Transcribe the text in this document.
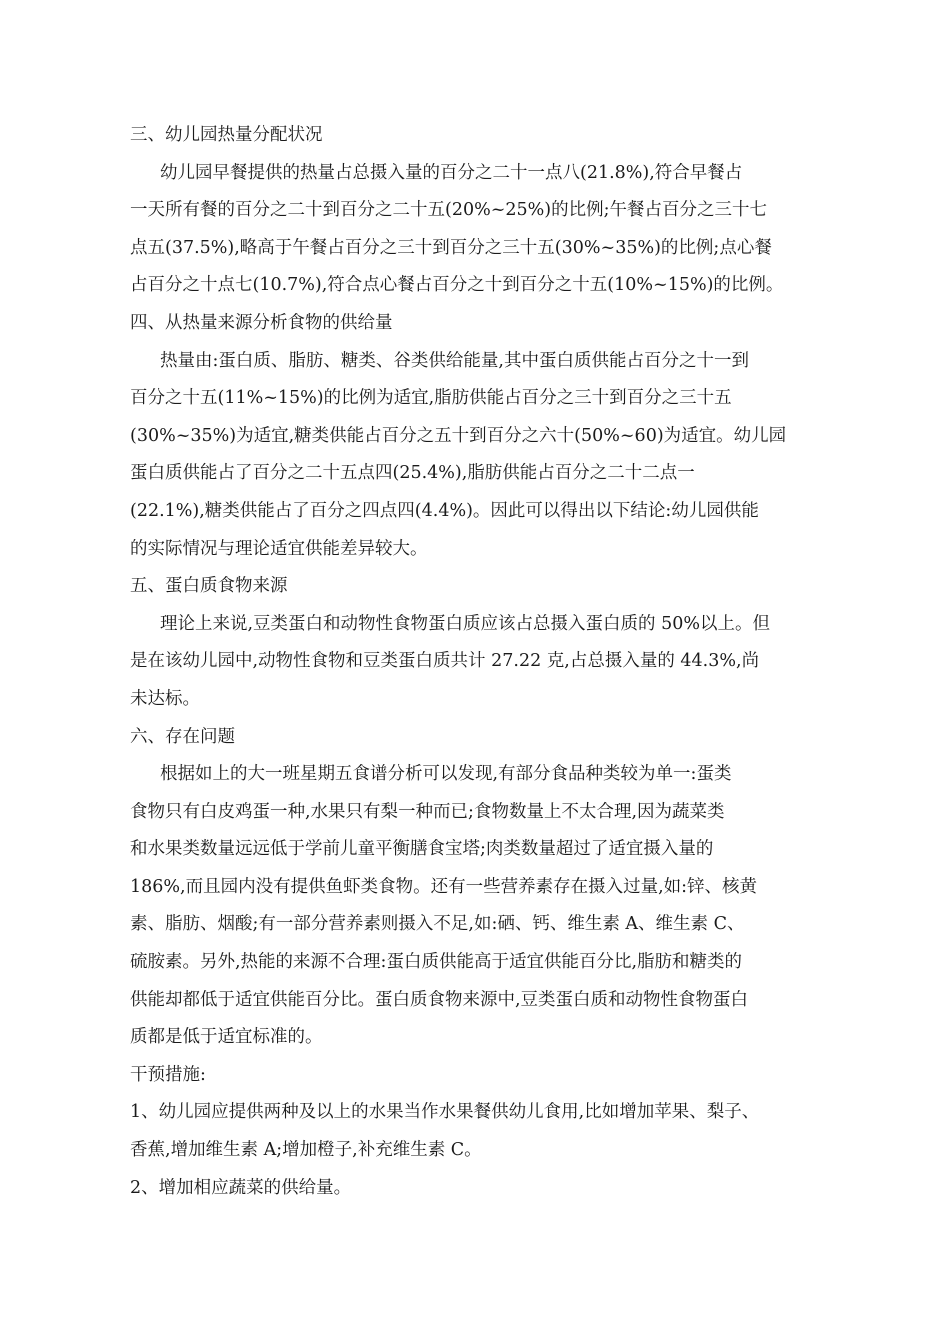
三、幼儿园热量分配状况
幼儿园早餐提供的热量占总摄入量的百分之二十一点八(21.8%),符合早餐占
一天所有餐的百分之二十到百分之二十五(20%~25%)的比例;午餐占百分之三十七
点五(37.5%),略高于午餐占百分之三十到百分之三十五(30%~35%)的比例;点心餐
占百分之十点七(10.7%),符合点心餐占百分之十到百分之十五(10%~15%)的比例。
四、从热量来源分析食物的供给量
热量由:蛋白质、脂肪、糖类、谷类供给能量,其中蛋白质供能占百分之十一到
百分之十五(11%~15%)的比例为适宜,脂肪供能占百分之三十到百分之三十五
(30%~35%)为适宜,糖类供能占百分之五十到百分之六十(50%~60)为适宜。幼儿园
蛋白质供能占了百分之二十五点四(25.4%),脂肪供能占百分之二十二点一
(22.1%),糖类供能占了百分之四点四(4.4%)。因此可以得出以下结论:幼儿园供能
的实际情况与理论适宜供能差异较大。
五、蛋白质食物来源
理论上来说,豆类蛋白和动物性食物蛋白质应该占总摄入蛋白质的 50%以上。但
是在该幼儿园中,动物性食物和豆类蛋白质共计 27.22 克,占总摄入量的 44.3%,尚
未达标。
六、存在问题
根据如上的大一班星期五食谱分析可以发现,有部分食品种类较为单一:蛋类
食物只有白皮鸡蛋一种,水果只有梨一种而已;食物数量上不太合理,因为蔬菜类
和水果类数量远远低于学前儿童平衡膳食宝塔;肉类数量超过了适宜摄入量的
186%,而且园内没有提供鱼虾类食物。还有一些营养素存在摄入过量,如:锌、核黄
素、脂肪、烟酸;有一部分营养素则摄入不足,如:硒、钙、维生素 A、维生素 C、
硫胺素。另外,热能的来源不合理:蛋白质供能高于适宜供能百分比,脂肪和糖类的
供能却都低于适宜供能百分比。蛋白质食物来源中,豆类蛋白质和动物性食物蛋白
质都是低于适宜标准的。
干预措施:
1、幼儿园应提供两种及以上的水果当作水果餐供幼儿食用,比如增加苹果、梨子、
香蕉,增加维生素 A;增加橙子,补充维生素 C。
2、增加相应蔬菜的供给量。
